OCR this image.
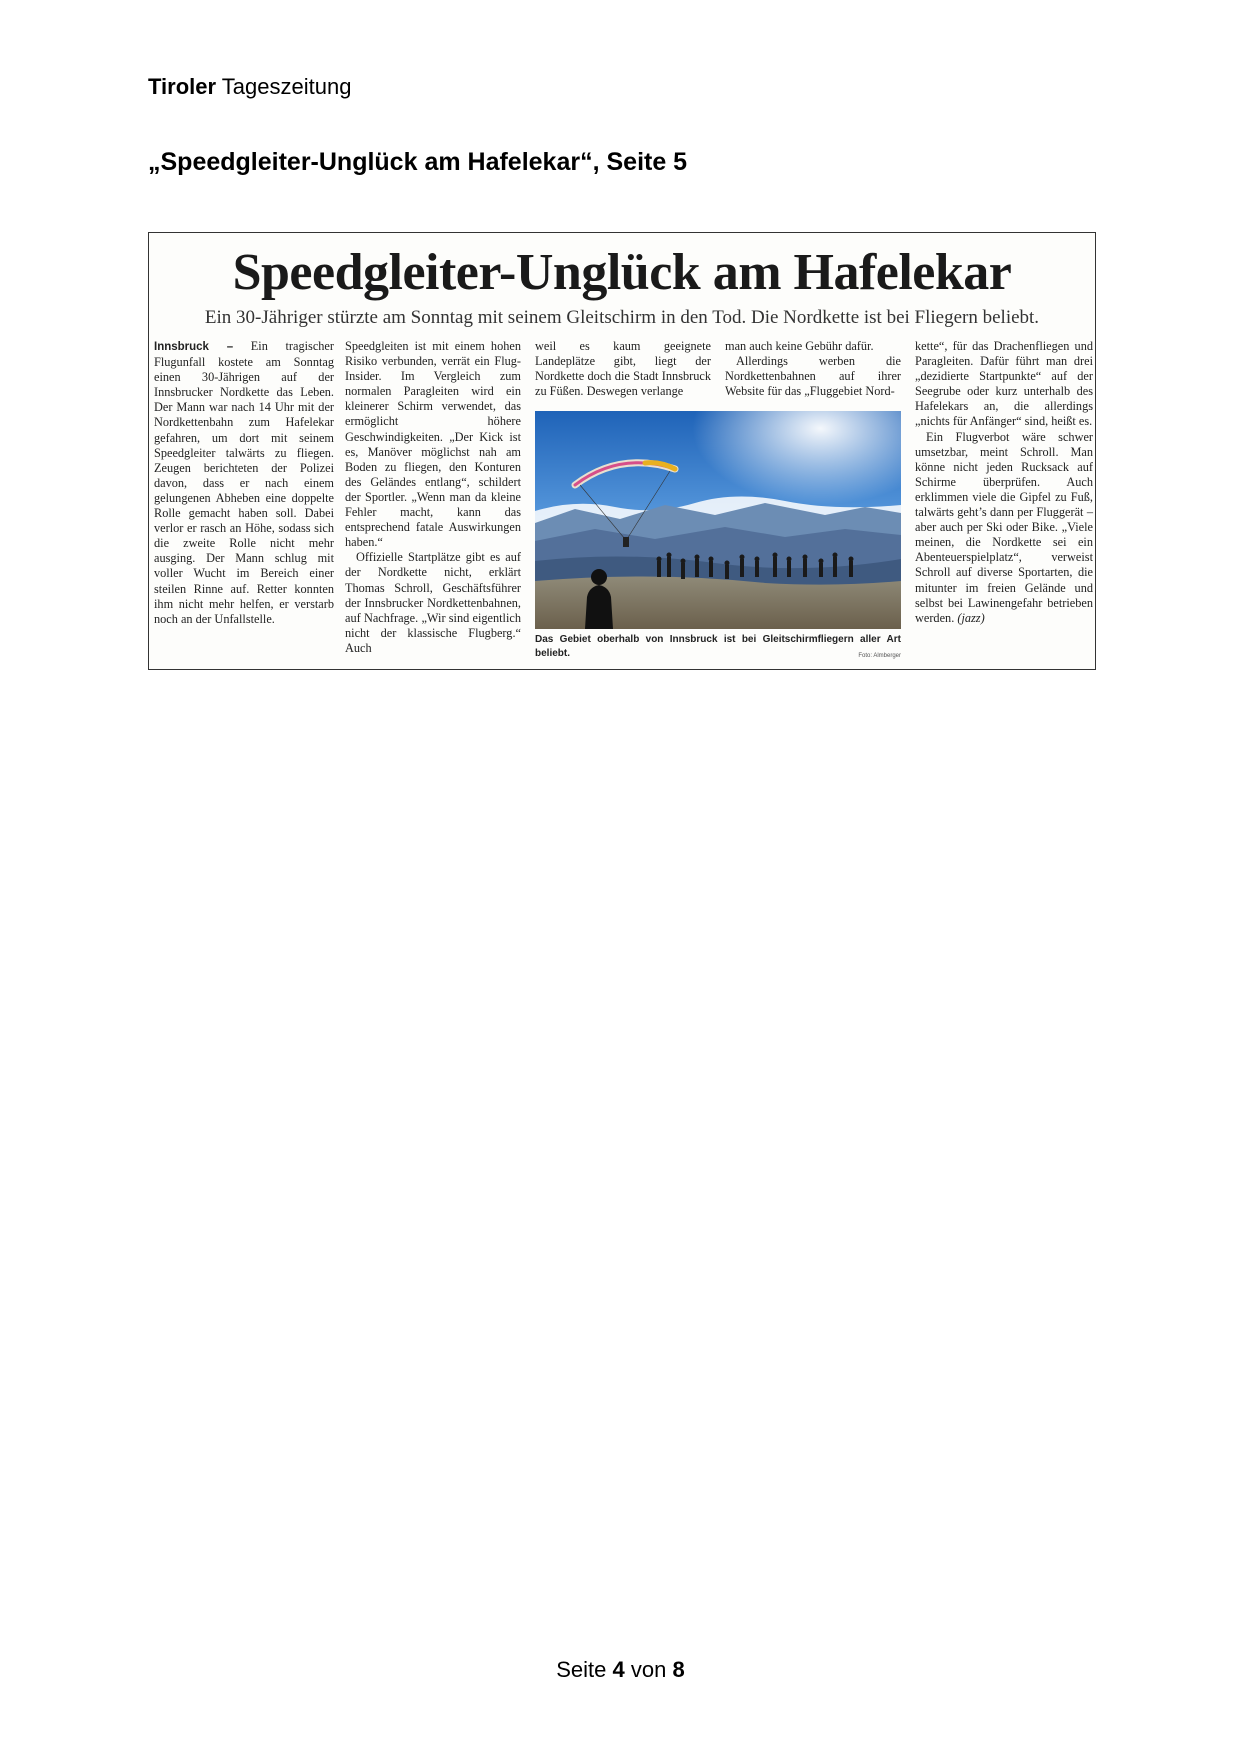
Tiroler Tageszeitung
„Speedgleiter-Unglück am Hafelekar“, Seite 5
Speedgleiter-Unglück am Hafelekar
Ein 30-Jähriger stürzte am Sonntag mit seinem Gleitschirm in den Tod. Die Nordkette ist bei Fliegern beliebt.

Innsbruck – Ein tragischer Flugunfall kostete am Sonntag einen 30-Jährigen auf der Innsbrucker Nordkette das Leben. Der Mann war nach 14 Uhr mit der Nordkettenbahn zum Hafelekar gefahren, um dort mit seinem Speedgleiter talwärts zu fliegen. Zeugen berichteten der Polizei davon, dass er nach einem gelungenen Abheben eine doppelte Rolle gemacht haben soll. Dabei verlor er rasch an Höhe, sodass sich die zweite Rolle nicht mehr ausging. Der Mann schlug mit voller Wucht im Bereich einer steilen Rinne auf. Retter konnten ihm nicht mehr helfen, er verstarb noch an der Unfallstelle.

Speedgleiten ist mit einem hohen Risiko verbunden, verrät ein Flug-Insider. Im Vergleich zum normalen Paragleiten wird ein kleinerer Schirm verwendet, das ermöglicht höhere Geschwindigkeiten. „Der Kick ist es, Manöver möglichst nah am Boden zu fliegen, den Konturen des Geländes entlang“, schildert der Sportler. „Wenn man da kleine Fehler macht, kann das entsprechend fatale Auswirkungen haben.“

Offizielle Startplätze gibt es auf der Nordkette nicht, erklärt Thomas Schroll, Geschäftsführer der Innsbrucker Nordkettenbahnen, auf Nachfrage. „Wir sind eigentlich nicht der klassische Flugberg.“ Auch

weil es kaum geeignete Landeplätze gibt, liegt der Nordkette doch die Stadt Innsbruck zu Füßen. Deswegen verlange

man auch keine Gebühr dafür.

Allerdings werben die Nordkettenbahnen auf ihrer Website für das „Fluggebiet Nord-

kette“, für das Drachenfliegen und Paragleiten. Dafür führt man drei „dezidierte Startpunkte“ auf der Seegrube oder kurz unterhalb des Hafelekars an, die allerdings „nichts für Anfänger“ sind, heißt es.

Ein Flugverbot wäre schwer umsetzbar, meint Schroll. Man könne nicht jeden Rucksack auf Schirme überprüfen. Auch erklimmen viele die Gipfel zu Fuß, talwärts geht’s dann per Fluggerät – aber auch per Ski oder Bike. „Viele meinen, die Nordkette sei ein Abenteuerspielplatz“, verweist Schroll auf diverse Sportarten, die mitunter im freien Gelände und selbst bei Lawinengefahr betrieben werden. (jazz)

Das Gebiet oberhalb von Innsbruck ist bei Gleitschirmfliegern aller Art beliebt.	Foto: Almberger
Seite 4 von 8
